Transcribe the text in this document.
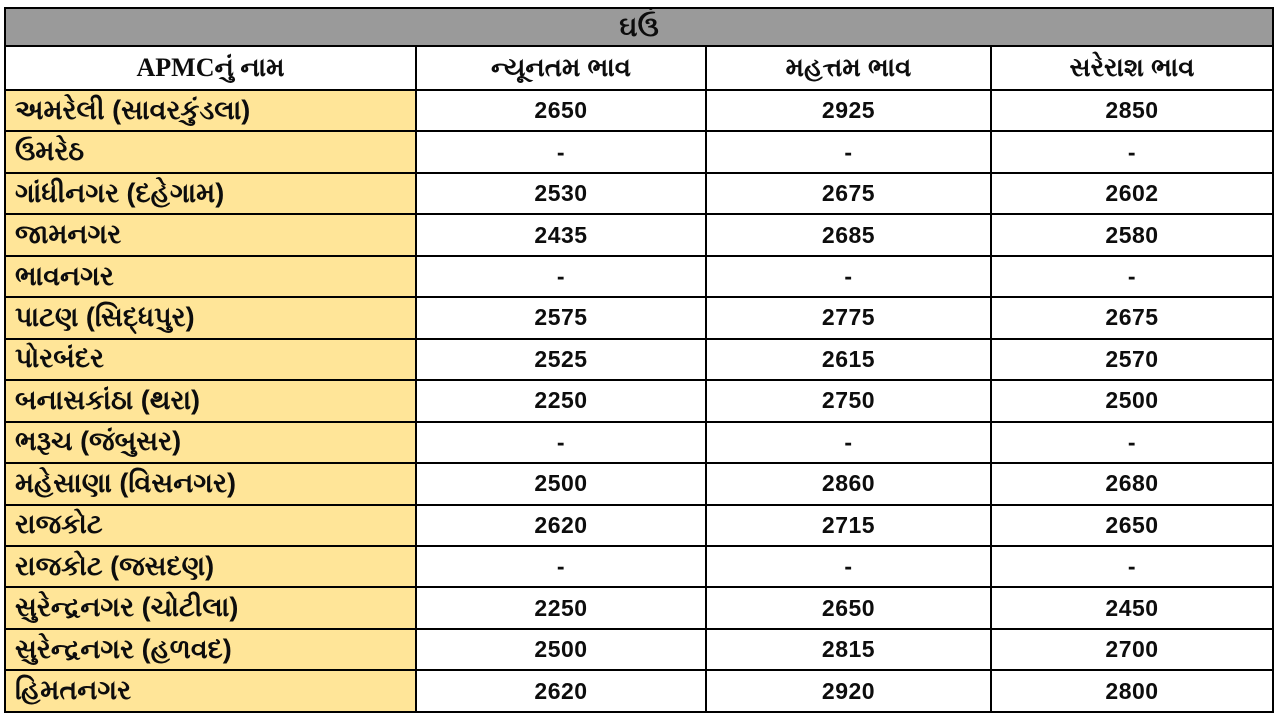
ઘઉં			
APMCનું નામ	ન્યૂનતમ ભાવ	મહત્તમ ભાવ	સરેરાશ ભાવ
અમરેલી (સાવરકુંડલા)	2650	2925	2850
ઉમરેઠ	-	-	-
ગાંધીનગર (દહેગામ)	2530	2675	2602
જામનગર	2435	2685	2580
ભાવનગર	-	-	-
પાટણ (સિદ્ધપુર)	2575	2775	2675
પોરબંદર	2525	2615	2570
બનાસકાંઠા (થરા)	2250	2750	2500
ભરૂચ (જંબુસર)	-	-	-
મહેસાણા (વિસનગર)	2500	2860	2680
રાજકોટ	2620	2715	2650
રાજકોટ (જસદણ)	-	-	-
સુરેન્દ્રનગર (ચોટીલા)	2250	2650	2450
સુરેન્દ્રનગર (હળવદ)	2500	2815	2700
હિમતનગર	2620	2920	2800
